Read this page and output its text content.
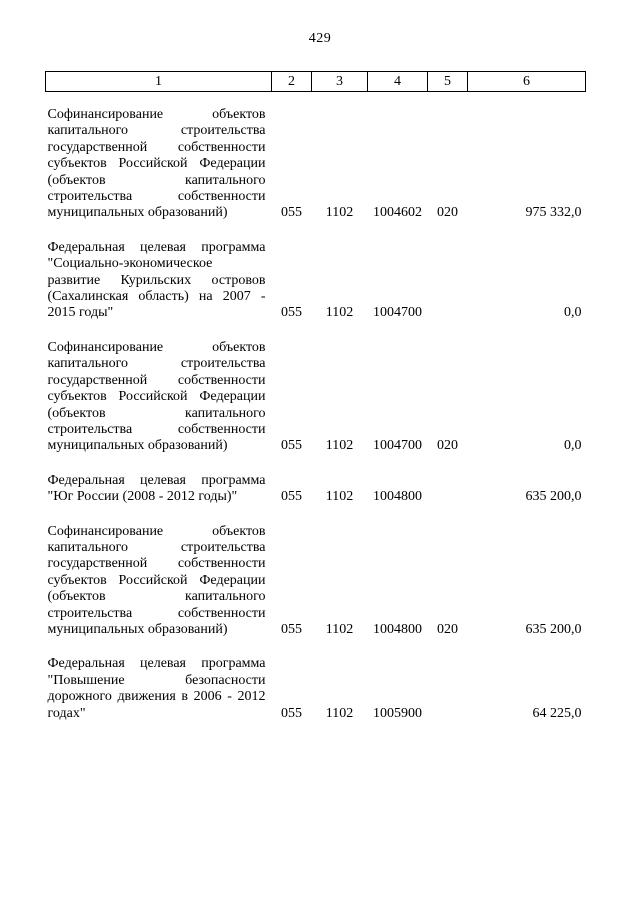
429
1	2	3	4	5	6

Софинансирование объектов капитального строительства государственной собственности субъектов Российской Федерации (объектов капитального строительства собственности муниципальных образований)	055	1102	1004602	020	975 332,0

Федеральная целевая программа "Социально-экономическое развитие Курильских островов (Сахалинская область) на 2007 - 2015 годы"	055	1102	1004700		0,0

Софинансирование объектов капитального строительства государственной собственности субъектов Российской Федерации (объектов капитального строительства собственности муниципальных образований)	055	1102	1004700	020	0,0

Федеральная целевая программа "Юг России (2008 - 2012 годы)"	055	1102	1004800		635 200,0

Софинансирование объектов капитального строительства государственной собственности субъектов Российской Федерации (объектов капитального строительства собственности муниципальных образований)	055	1102	1004800	020	635 200,0

Федеральная целевая программа "Повышение безопасности дорожного движения в 2006 - 2012 годах"	055	1102	1005900		64 225,0
